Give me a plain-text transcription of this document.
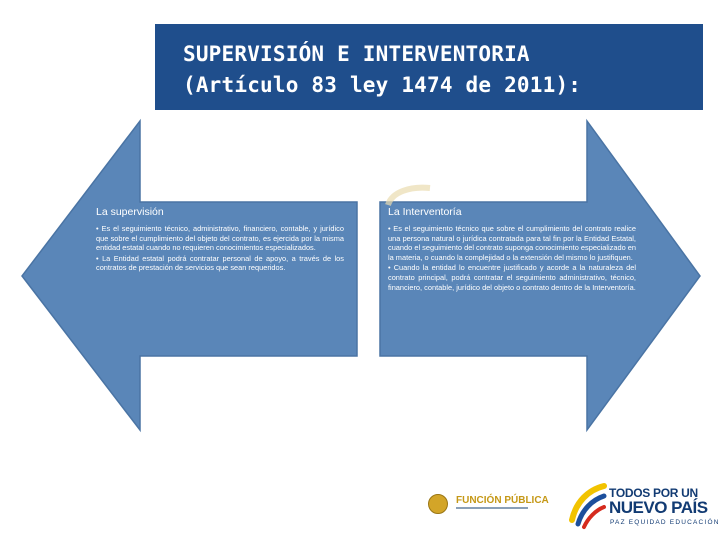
SUPERVISIÓN E INTERVENTORIA
(Artículo 83 ley 1474 de 2011):
La supervisión
• Es el seguimiento técnico, administrativo, financiero, contable, y jurídico que sobre el cumplimiento del objeto del contrato, es ejercida por la misma entidad estatal cuando no requieren conocimientos especializados.
• La Entidad estatal podrá contratar personal de apoyo, a través de los contratos de prestación de servicios que sean requeridos.
La Interventoría
• Es el seguimiento técnico que sobre el cumplimiento del contrato realice una persona natural o jurídica contratada para tal fin por la Entidad Estatal, cuando el seguimiento del contrato suponga conocimiento especializado en la materia, o cuando la complejidad o la extensión del mismo lo justifiquen.
• Cuando la entidad lo encuentre justificado y acorde a la naturaleza del contrato principal, podrá contratar el seguimiento administrativo, técnico, financiero, contable, jurídico del objeto o contrato dentro de la Interventoría.
FUNCIÓN PÚBLICA
TODOS POR UN
NUEVO PAÍS
PAZ EQUIDAD EDUCACIÓN
